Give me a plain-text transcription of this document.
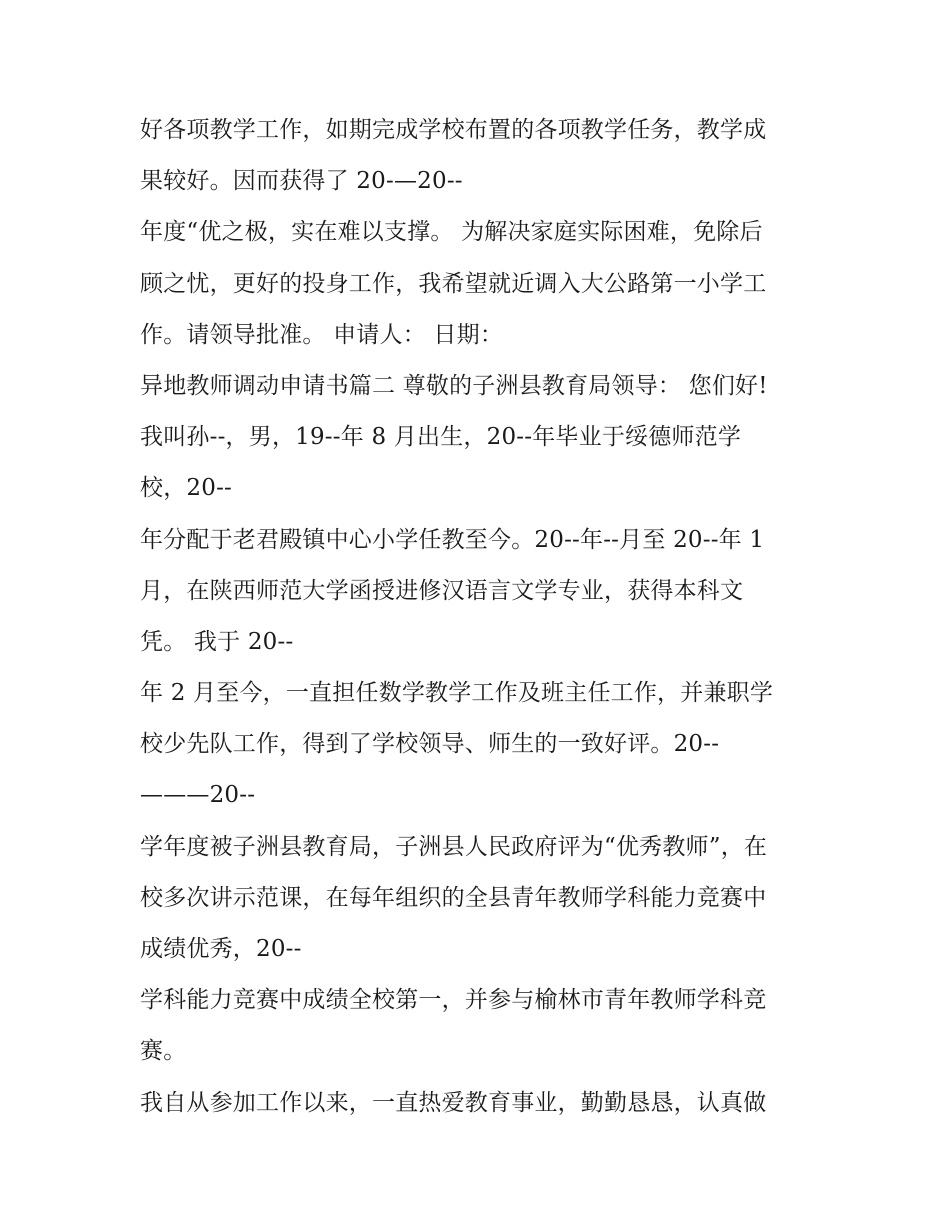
好各项教学工作，如期完成学校布置的各项教学任务，教学成
果较好。因而获得了 20-—20--
年度“优之极，实在难以支撑。 为解决家庭实际困难，免除后
顾之忧，更好的投身工作，我希望就近调入大公路第一小学工
作。请领导批准。 申请人： 日期：
异地教师调动申请书篇二 尊敬的子洲县教育局领导： 您们好!
我叫孙--，男，19--年 8 月出生，20--年毕业于绥德师范学
校，20--
年分配于老君殿镇中心小学任教至今。20--年--月至 20--年 1
月，在陕西师范大学函授进修汉语言文学专业，获得本科文
凭。 我于 20--
年 2 月至今，一直担任数学教学工作及班主任工作，并兼职学
校少先队工作，得到了学校领导、师生的一致好评。20--
———20--
学年度被子洲县教育局，子洲县人民政府评为“优秀教师”，在
校多次讲示范课，在每年组织的全县青年教师学科能力竞赛中
成绩优秀，20--
学科能力竞赛中成绩全校第一，并参与榆林市青年教师学科竞
赛。
我自从参加工作以来，一直热爱教育事业，勤勤恳恳，认真做
